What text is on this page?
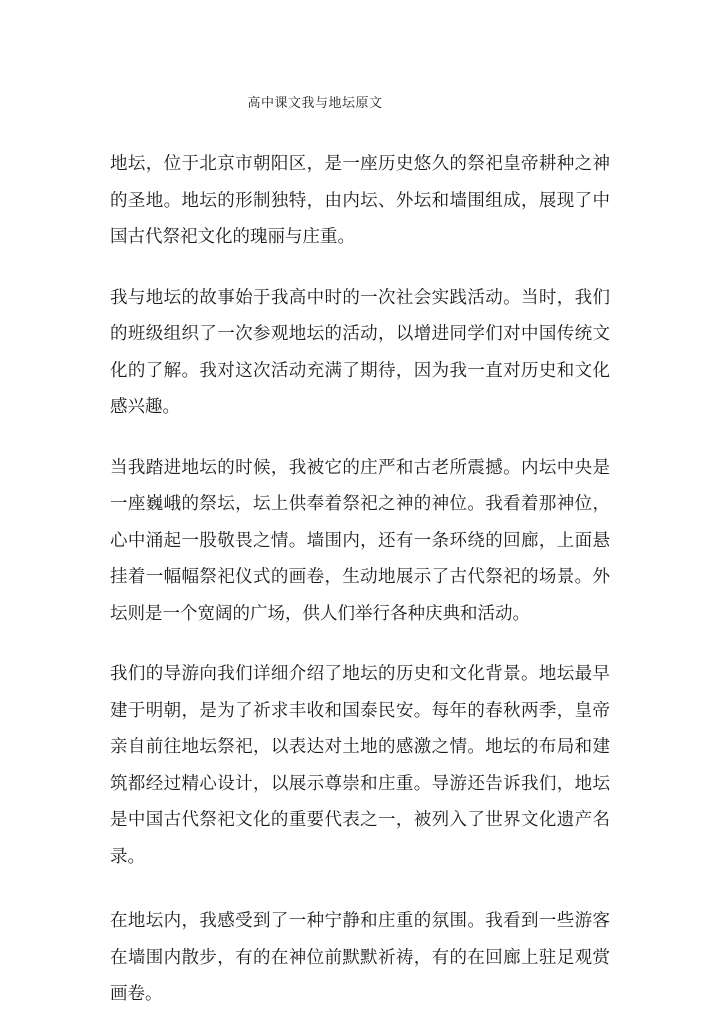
高中课文我与地坛原文

地坛，位于北京市朝阳区，是一座历史悠久的祭祀皇帝耕种之神的圣地。地坛的形制独特，由内坛、外坛和墙围组成，展现了中国古代祭祀文化的瑰丽与庄重。

我与地坛的故事始于我高中时的一次社会实践活动。当时，我们的班级组织了一次参观地坛的活动，以增进同学们对中国传统文化的了解。我对这次活动充满了期待，因为我一直对历史和文化感兴趣。

当我踏进地坛的时候，我被它的庄严和古老所震撼。内坛中央是一座巍峨的祭坛，坛上供奉着祭祀之神的神位。我看着那神位，心中涌起一股敬畏之情。墙围内，还有一条环绕的回廊，上面悬挂着一幅幅祭祀仪式的画卷，生动地展示了古代祭祀的场景。外坛则是一个宽阔的广场，供人们举行各种庆典和活动。

我们的导游向我们详细介绍了地坛的历史和文化背景。地坛最早建于明朝，是为了祈求丰收和国泰民安。每年的春秋两季，皇帝亲自前往地坛祭祀，以表达对土地的感激之情。地坛的布局和建筑都经过精心设计，以展示尊崇和庄重。导游还告诉我们，地坛是中国古代祭祀文化的重要代表之一，被列入了世界文化遗产名录。

在地坛内，我感受到了一种宁静和庄重的氛围。我看到一些游客在墙围内散步，有的在神位前默默祈祷，有的在回廊上驻足观赏画卷。
